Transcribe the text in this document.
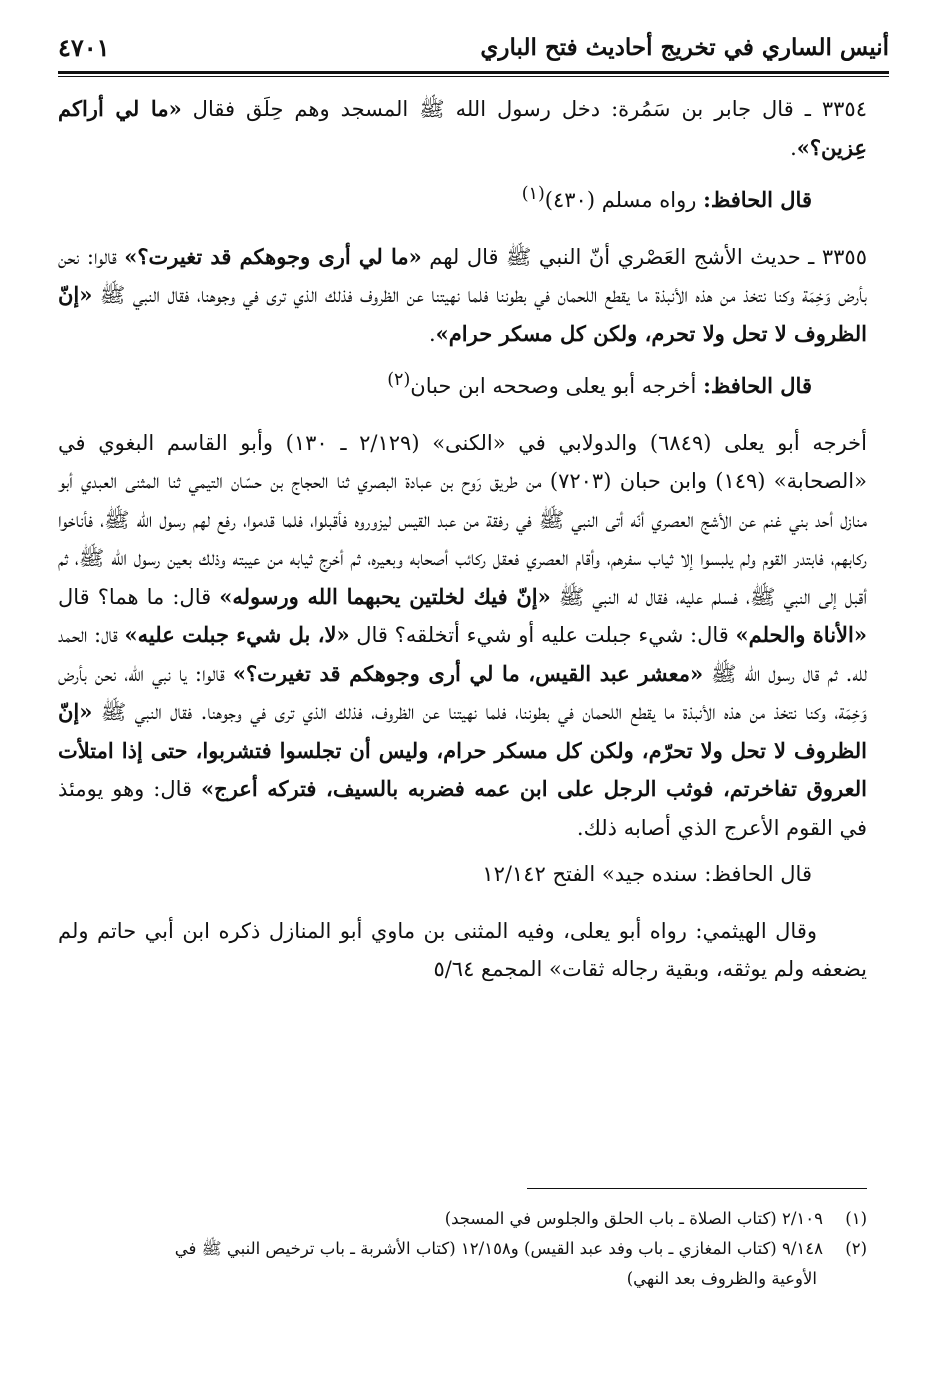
أنيس الساري في تخريج أحاديث فتح الباري
٤٧٠١

٣٣٥٤ ـ قال جابر بن سَمُرة: دخل رسول الله ﷺ المسجد وهم حِلَق فقال «ما لي أراكم عِزين؟».

قال الحافظ: رواه مسلم (٤٣٠)$^{(١)}$

٣٣٥٥ ـ حديث الأشج العَصْري أنّ النبي ﷺ قال لهم «ما لي أرى وجوهكم قد تغيرت؟» قالوا: نحن بأرض وَخِمَة وكنا نتخذ من هذه الأنبذة ما يقطع اللحمان في بطوننا فلما نهيتنا عن الظروف فذلك الذي ترى في وجوهنا، فقال النبي ﷺ «إنّ الظروف لا تحل ولا تحرم، ولكن كل مسكر حرام».

قال الحافظ: أخرجه أبو يعلى وصححه ابن حبان$^{(٢)}$

أخرجه أبو يعلى (٦٨٤٩) والدولابي في «الكنى» (٢/١٢٩ ـ ١٣٠) وأبو القاسم البغوي في «الصحابة» (١٤٩) وابن حبان (٧٢٠٣) من طريق رَوح بن عبادة البصري ثنا الحجاج بن حسّان التيمي ثنا المثنى العبدي أبو منازل أحد بني غنم عن الأشج العصري أنّه أتى النبي ﷺ في رفقة من عبد القيس ليزوروه فأقبلوا، فلما قدموا، رفع لهم رسول الله ﷺ، فأناخوا ركابهم، فابتدر القوم ولم يلبسوا إلا ثياب سفرهم، وأقام العصري فعقل ركائب أصحابه وبعيره، ثم أخرج ثيابه من عيبته وذلك بعين رسول الله ﷺ، ثم أقبل إلى النبي ﷺ، فسلم عليه، فقال له النبي ﷺ «إنّ فيك لخلتين يحبهما الله ورسوله» قال: ما هما؟ قال «الأناة والحلم» قال: شيء جبلت عليه أو شيء أتخلقه؟ قال «لا، بل شيء جبلت عليه» قال: الحمد لله. ثم قال رسول الله ﷺ «معشر عبد القيس، ما لي أرى وجوهكم قد تغيرت؟» قالوا: يا نبي الله، نحن بأرض وَخِمَة، وكنا نتخذ من هذه الأنبذة ما يقطع اللحمان في بطوننا، فلما نهيتنا عن الظروف، فذلك الذي ترى في وجوهنا. فقال النبي ﷺ «إنّ الظروف لا تحل ولا تحرّم، ولكن كل مسكر حرام، وليس أن تجلسوا فتشربوا، حتى إذا امتلأت العروق تفاخرتم، فوثب الرجل على ابن عمه فضربه بالسيف، فتركه أعرج» قال: وهو يومئذ في القوم الأعرج الذي أصابه ذلك.

قال الحافظ: سنده جيد» الفتح ١٢/١٤٢

وقال الهيثمي: رواه أبو يعلى، وفيه المثنى بن ماوي أبو المنازل ذكره ابن أبي حاتم ولم يضعفه ولم يوثقه، وبقية رجاله ثقات» المجمع ٥/٦٤

(١)٢/١٠٩ (كتاب الصلاة ـ باب الحلق والجلوس في المسجد)

(٢)٩/١٤٨ (كتاب المغازي ـ باب وفد عبد القيس) و١٢/١٥٨ (كتاب الأشربة ـ باب ترخيص النبي ﷺ في

الأوعية والظروف بعد النهي)
